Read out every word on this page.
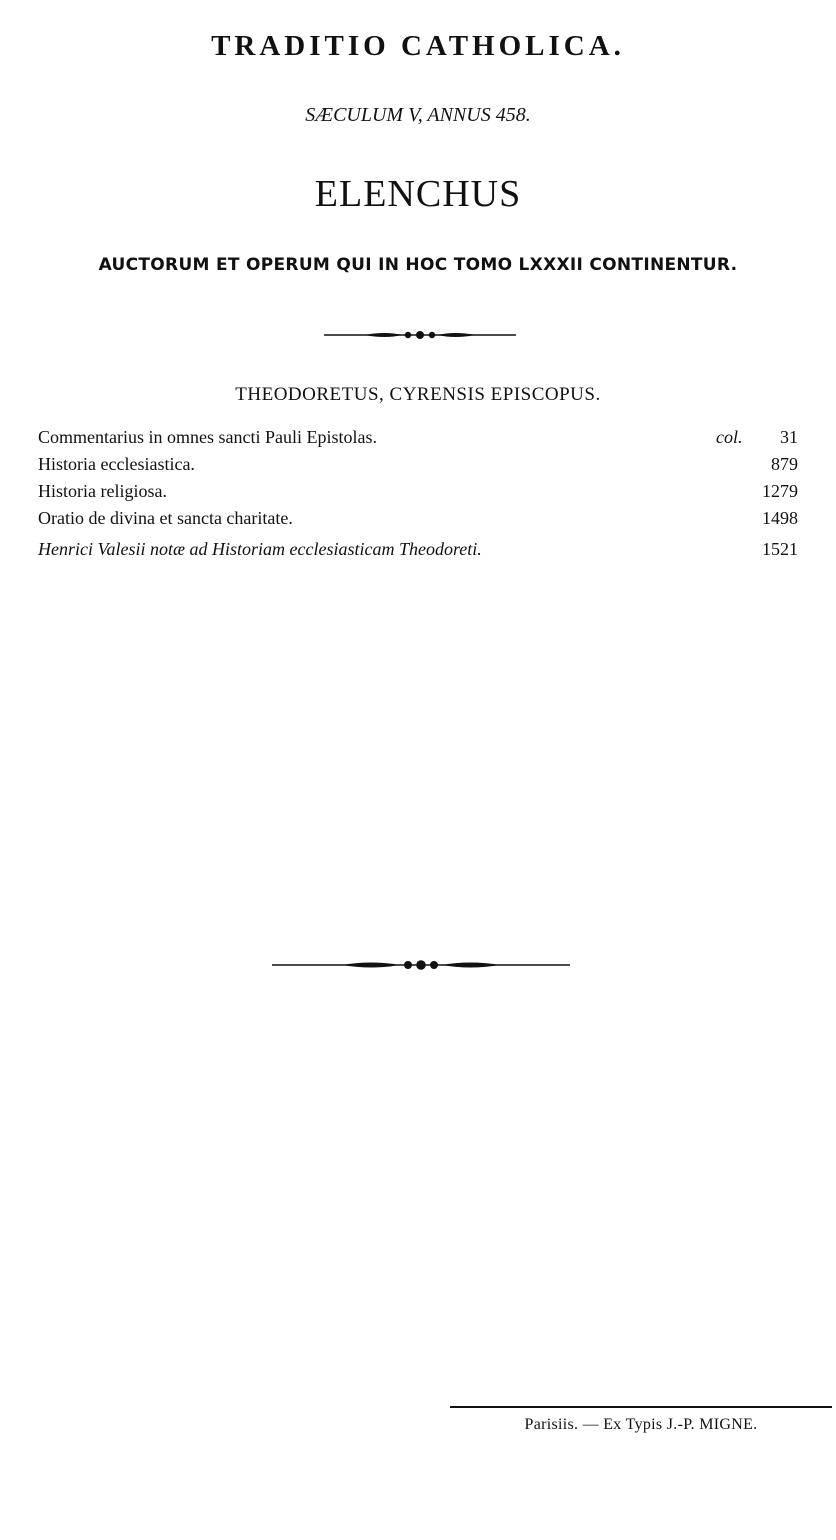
TRADITIO CATHOLICA.
SÆCULUM V, ANNUS 458.
ELENCHUS
AUCTORUM ET OPERUM QUI IN HOC TOMO LXXXII CONTINENTUR.
THEODORETUS, CYRENSIS EPISCOPUS.
Commentarius in omnes sancti Pauli Epistolas.	col. 31
Historia ecclesiastica.	879
Historia religiosa.	1279
Oratio de divina et sancta charitate.	1498
Henrici Valesii notæ ad Historiam ecclesiasticam Theodoreti.	1521
Parisiis. — Ex Typis J.-P. MIGNE.
